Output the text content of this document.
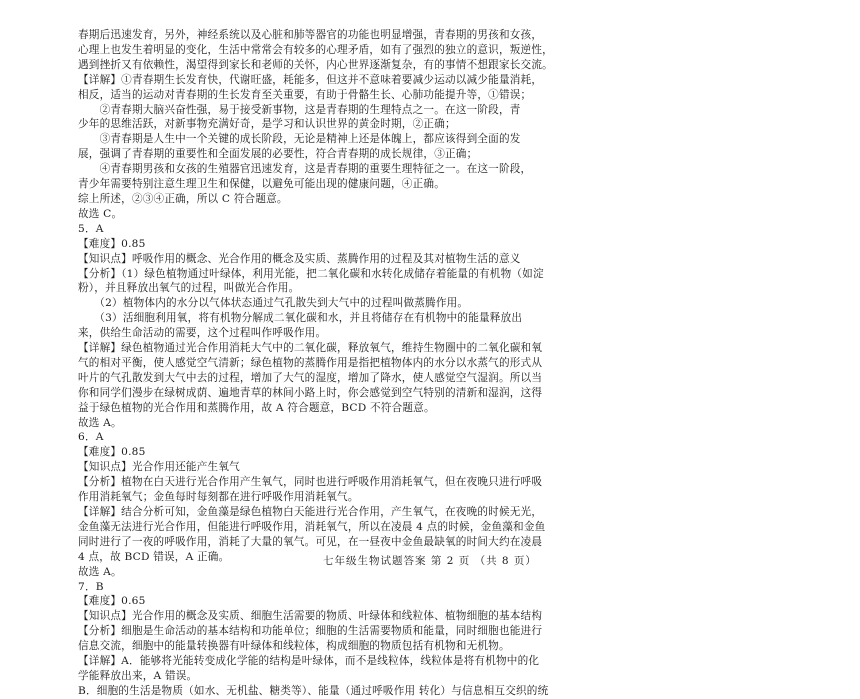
春期后迅速发育，另外，神经系统以及心脏和肺等器官的功能也明显增强，青春期的男孩和女孩，
心理上也发生着明显的变化，生活中常常会有较多的心理矛盾，如有了强烈的独立的意识，叛逆性，
遇到挫折又有依赖性，渴望得到家长和老师的关怀，内心世界逐渐复杂，有的事情不想跟家长交流。
【详解】①青春期生长发育快，代谢旺盛，耗能多，但这并不意味着要减少运动以减少能量消耗，
相反，适当的运动对青春期的生长发育至关重要，有助于骨骼生长、心肺功能提升等，①错误；
　　②青春期大脑兴奋性强，易于接受新事物，这是青春期的生理特点之一。在这一阶段，青
少年的思维活跃，对新事物充满好奇，是学习和认识世界的黄金时期，②正确；
　　③青春期是人生中一个关键的成长阶段，无论是精神上还是体魄上，都应该得到全面的发
展，强调了青春期的重要性和全面发展的必要性，符合青春期的成长规律，③正确；
　　④青春期男孩和女孩的生殖器官迅速发育，这是青春期的重要生理特征之一。在这一阶段，
青少年需要特别注意生理卫生和保健，以避免可能出现的健康问题，④正确。
综上所述，②③④正确，所以 C 符合题意。
故选 C。
5．A
【难度】0.85
【知识点】呼吸作用的概念、光合作用的概念及实质、蒸腾作用的过程及其对植物生活的意义
【分析】（1）绿色植物通过叶绿体，利用光能，把二氧化碳和水转化成储存着能量的有机物（如淀
粉），并且释放出氧气的过程，叫做光合作用。
　　（2）植物体内的水分以气体状态通过气孔散失到大气中的过程叫做蒸腾作用。
　　（3）活细胞利用氧，将有机物分解成二氧化碳和水，并且将储存在有机物中的能量释放出
来，供给生命活动的需要，这个过程叫作呼吸作用。
【详解】绿色植物通过光合作用消耗大气中的二氧化碳，释放氧气，维持生物圈中的二氧化碳和氧
气的相对平衡，使人感觉空气清新；绿色植物的蒸腾作用是指把植物体内的水分以水蒸气的形式从
叶片的气孔散发到大气中去的过程，增加了大气的湿度，增加了降水，使人感觉空气湿润。所以当
你和同学们漫步在绿树成荫、遍地青草的林间小路上时，你会感觉到空气特别的清新和湿润，这得
益于绿色植物的光合作用和蒸腾作用，故 A 符合题意，BCD 不符合题意。
故选 A。
6．A
【难度】0.85
【知识点】光合作用还能产生氧气
【分析】植物在白天进行光合作用产生氧气，同时也进行呼吸作用消耗氧气，但在夜晚只进行呼吸
作用消耗氧气；金鱼每时每刻都在进行呼吸作用消耗氧气。
【详解】结合分析可知，金鱼藻是绿色植物白天能进行光合作用，产生氧气，在夜晚的时候无光，
金鱼藻无法进行光合作用，但能进行呼吸作用，消耗氧气，所以在凌晨 4 点的时候，金鱼藻和金鱼
同时进行了一夜的呼吸作用，消耗了大量的氧气。可见，在一昼夜中金鱼最缺氧的时间大约在凌晨
4 点，故 BCD 错误，A 正确。
故选 A。
7．B
【难度】0.65
【知识点】光合作用的概念及实质、细胞生活需要的物质、叶绿体和线粒体、植物细胞的基本结构
【分析】细胞是生命活动的基本结构和功能单位；细胞的生活需要物质和能量，同时细胞也能进行
信息交流，细胞中的能量转换器有叶绿体和线粒体，构成细胞的物质包括有机物和无机物。
【详解】A．能够将光能转变成化学能的结构是叶绿体，而不是线粒体，线粒体是将有机物中的化
学能释放出来，A 错误。
B．细胞的生活是物质（如水、无机盐、糖类等）、能量（通过呼吸作用 转化）与信息相互交织的统
七年级生物试题答案 第 2 页 （共 8 页）
